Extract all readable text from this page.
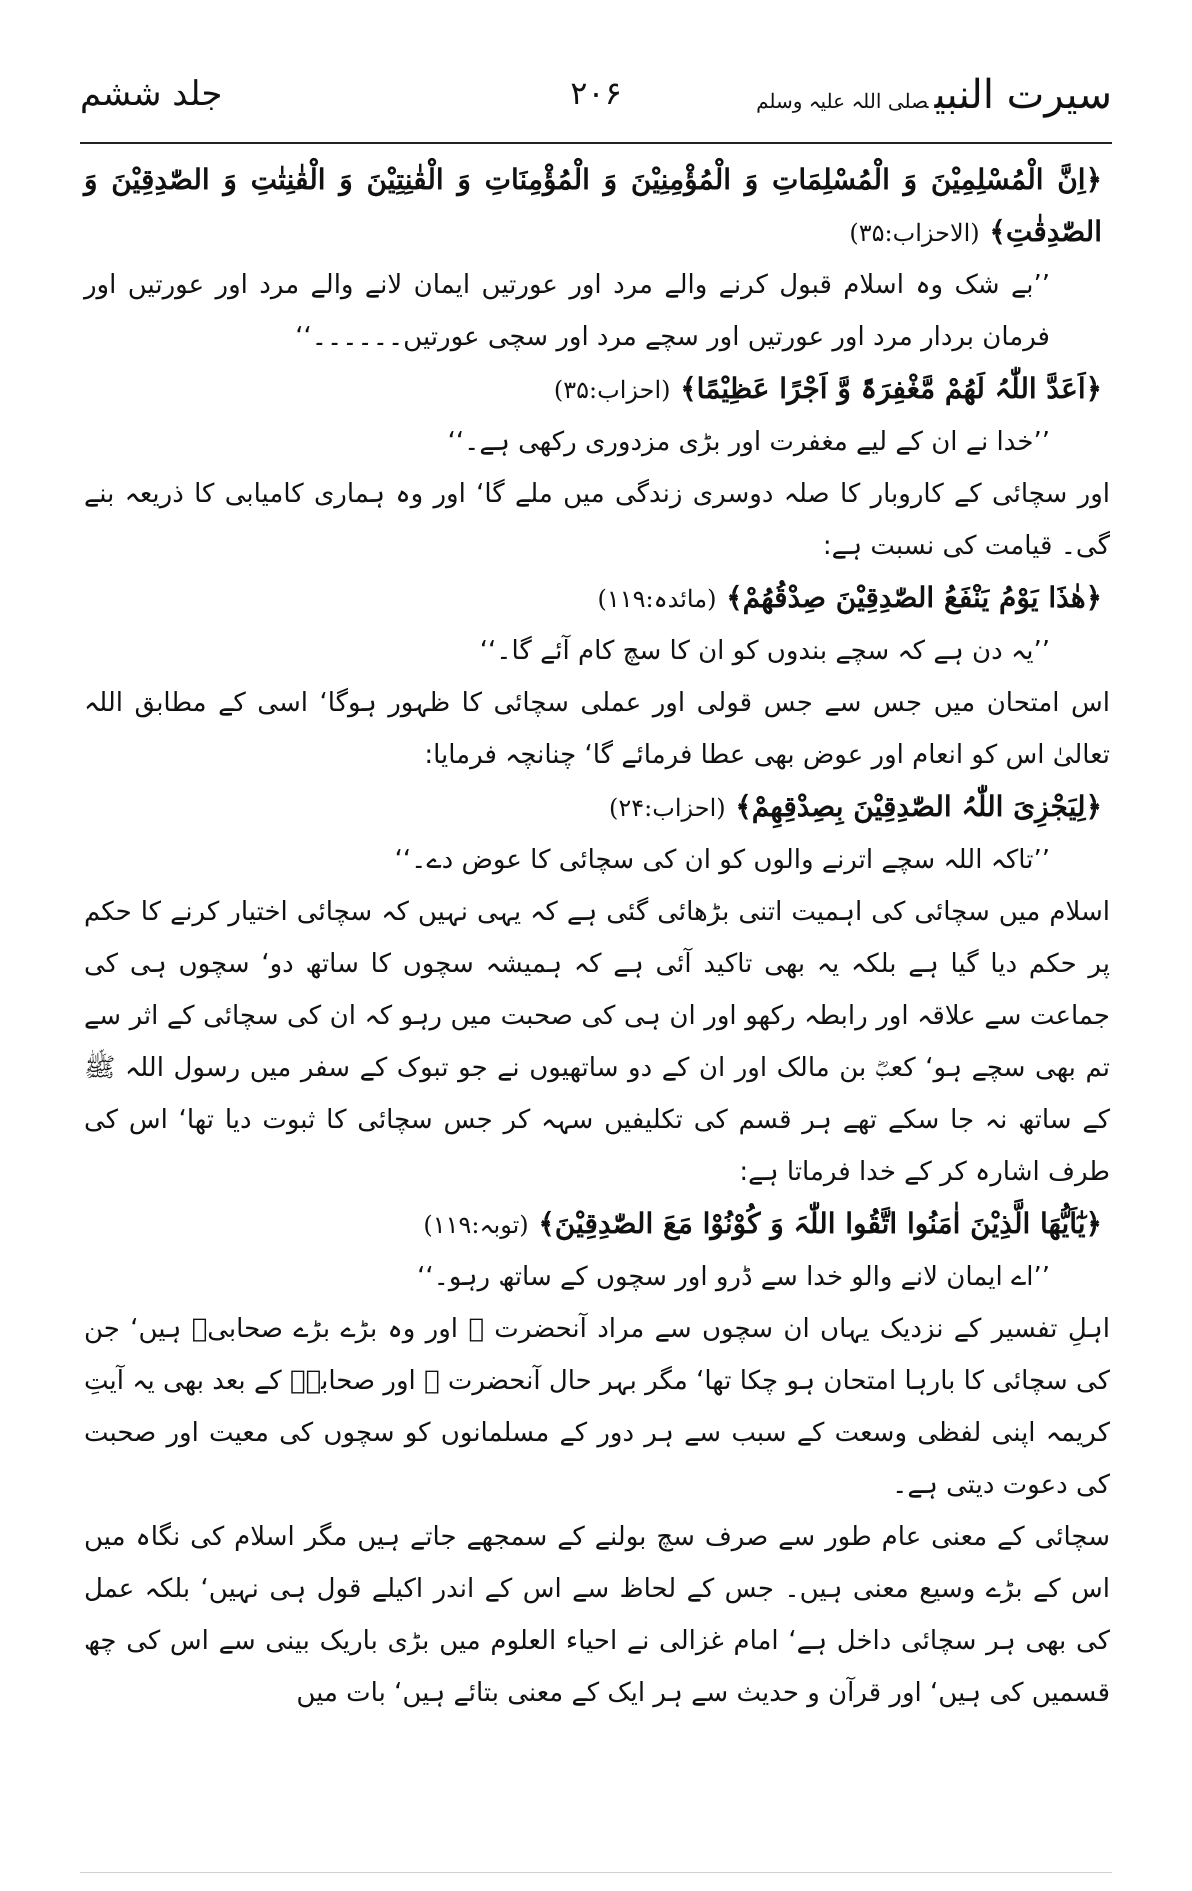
سیرت النبیصلی اللہ علیہ وسلم
۲۰۶
جلد ششم

﴿اِنَّ الْمُسْلِمِیْنَ وَ الْمُسْلِمَاتِ وَ الْمُؤْمِنِیْنَ وَ الْمُؤْمِنَاتِ وَ الْقٰنِتِیْنَ وَ الْقٰنِتٰتِ وَ الصّٰدِقِیْنَ وَ الصّٰدِقٰتِ﴾ (الاحزاب:۳۵)

’’بے شک وہ اسلام قبول کرنے والے مرد اور عورتیں ایمان لانے والے مرد اور عورتیں اور فرمان بردار مرد اور عورتیں اور سچے مرد اور سچی عورتیں۔۔۔۔۔۔‘‘

﴿اَعَدَّ اللّٰہُ لَھُمْ مَّغْفِرَۃً وَّ اَجْرًا عَظِیْمًا﴾ (احزاب:۳۵)

’’خدا نے ان کے لیے مغفرت اور بڑی مزدوری رکھی ہے۔‘‘

اور سچائی کے کاروبار کا صلہ دوسری زندگی میں ملے گا‘ اور وہ ہماری کامیابی کا ذریعہ بنے گی۔ قیامت کی نسبت ہے:

﴿ھٰذَا یَوْمُ یَنْفَعُ الصّٰدِقِیْنَ صِدْقُھُمْ﴾ (مائدہ:۱۱۹)

’’یہ دن ہے کہ سچے بندوں کو ان کا سچ کام آئے گا۔‘‘

اس امتحان میں جس سے جس قولی اور عملی سچائی کا ظہور ہوگا‘ اسی کے مطابق اللہ تعالیٰ اس کو انعام اور عوض بھی عطا فرمائے گا‘ چنانچہ فرمایا:

﴿لِیَجْزِیَ اللّٰہُ الصّٰدِقِیْنَ بِصِدْقِھِمْ﴾ (احزاب:۲۴)

’’تاکہ اللہ سچے اترنے والوں کو ان کی سچائی کا عوض دے۔‘‘

اسلام میں سچائی کی اہمیت اتنی بڑھائی گئی ہے کہ یہی نہیں کہ سچائی اختیار کرنے کا حکم پر حکم دیا گیا ہے بلکہ یہ بھی تاکید آئی ہے کہ ہمیشہ سچوں کا ساتھ دو‘ سچوں ہی کی جماعت سے علاقہ اور رابطہ رکھو اور ان ہی کی صحبت میں رہو کہ ان کی سچائی کے اثر سے تم بھی سچے ہو‘ کعبؓ بن مالک اور ان کے دو ساتھیوں نے جو تبوک کے سفر میں رسول اللہ ﷺ کے ساتھ نہ جا سکے تھے ہر قسم کی تکلیفیں سہہ کر جس سچائی کا ثبوت دیا تھا‘ اس کی طرف اشارہ کر کے خدا فرماتا ہے:

﴿یٰٓاَیُّھَا الَّذِیْنَ اٰمَنُوا اتَّقُوا اللّٰہَ وَ کُوْنُوْا مَعَ الصّٰدِقِیْنَ﴾ (توبہ:۱۱۹)

’’اے ایمان لانے والو خدا سے ڈرو اور سچوں کے ساتھ رہو۔‘‘

اہلِ تفسیر کے نزدیک یہاں ان سچوں سے مراد آنحضرت ﷺ اور وہ بڑے بڑے صحابیؓ ہیں‘ جن کی سچائی کا بارہا امتحان ہو چکا تھا‘ مگر بہر حال آنحضرت ﷺ اور صحابہؓ کے بعد بھی یہ آیتِ کریمہ اپنی لفظی وسعت کے سبب سے ہر دور کے مسلمانوں کو سچوں کی معیت اور صحبت کی دعوت دیتی ہے۔

سچائی کے معنی عام طور سے صرف سچ بولنے کے سمجھے جاتے ہیں مگر اسلام کی نگاہ میں اس کے بڑے وسیع معنی ہیں۔ جس کے لحاظ سے اس کے اندر اکیلے قول ہی نہیں‘ بلکہ عمل کی بھی ہر سچائی داخل ہے‘ امام غزالی نے احیاء العلوم میں بڑی باریک بینی سے اس کی چھ قسمیں کی ہیں‘ اور قرآن و حدیث سے ہر ایک کے معنی بتائے ہیں‘ بات میں
